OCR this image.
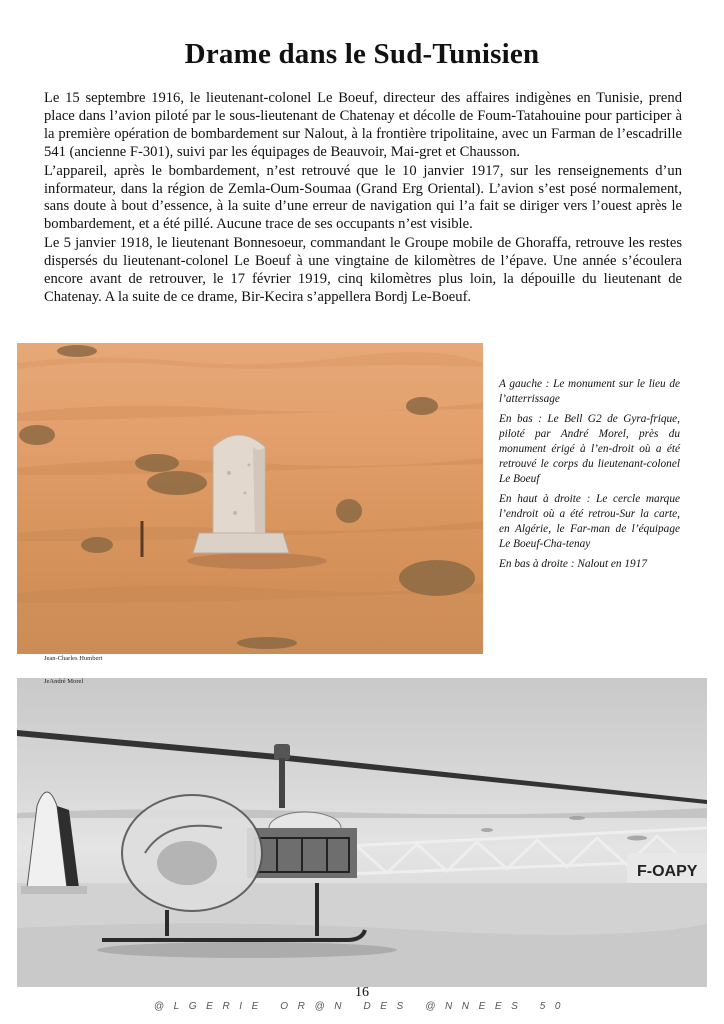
Drame dans le Sud-Tunisien

Le 15 septembre 1916, le lieutenant-colonel Le Boeuf, directeur des affaires indigènes en Tunisie, prend place dans l’avion piloté par le sous-lieutenant de Chatenay et décolle de Foum-Tatahouine pour participer à la première opération de bombardement sur Nalout, à la frontière tripolitaine, avec un Farman de l’escadrille 541 (ancienne F-301), suivi par les équipages de Beauvoir, Mai-gret et Chausson.

L’appareil, après le bombardement, n’est retrouvé que le 10 janvier 1917, sur les renseignements d’un informateur, dans la région de Zemla-Oum-Soumaa (Grand Erg Oriental). L’avion s’est posé normalement, sans doute à bout d’essence, à la suite d’une erreur de navigation qui l’a fait se diriger vers l’ouest après le bombardement, et a été pillé. Aucune trace de ses occupants n’est visible.

Le 5 janvier 1918, le lieutenant Bonnesoeur, commandant le Groupe mobile de Ghoraffa, retrouve les restes dispersés du lieutenant-colonel Le Boeuf à une vingtaine de kilomètres de l’épave. Une année s’écoulera encore avant de retrouver, le 17 février 1919, cinq kilomètres plus loin, la dépouille du lieutenant de Chatenay. A la suite de ce drame, Bir-Kecira s’appellera Bordj Le-Boeuf.

Jean-Charles Humbert

A gauche : Le monument sur le lieu de l’atterrissage

En bas : Le Bell G2 de Gyra-frique, piloté par André Morel, près du monument érigé à l’en-droit où a été retrouvé le corps du lieutenant-colonel Le Boeuf

En haut à droite : Le cercle marque l’endroit où a été retrou-Sur la carte, en Algérie, le Far-man de l’équipage Le Boeuf-Cha-tenay

En bas à droite : Nalout en 1917

JeAndré Morel
F-OAPY
16
@LGERIE OR@N DES @NNEES 50
